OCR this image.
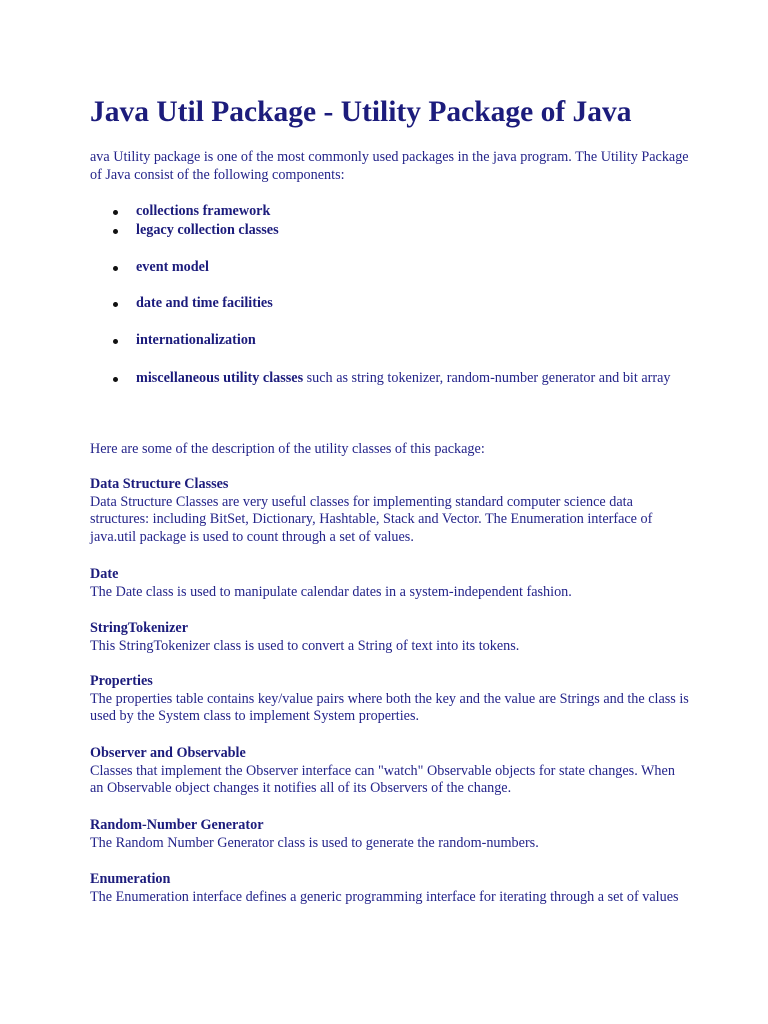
Java Util Package - Utility Package of Java

ava Utility package is one of the most commonly used packages in the java program. The Utility Package of Java consist of the following components:

collections framework
legacy collection classes
event model
date and time facilities
internationalization
miscellaneous utility classes such as string tokenizer, random-number generator and bit array

Here are some of the description of the utility classes of this package:

Data Structure Classes
Data Structure Classes are very useful classes for implementing standard computer science data structures: including BitSet, Dictionary, Hashtable, Stack and Vector. The Enumeration interface of java.util package is used to count through a set of values.
Date
The Date class is used to manipulate calendar dates in a system-independent fashion.
StringTokenizer
This StringTokenizer class is used to convert a String of text into its tokens.
Properties
The properties table contains key/value pairs where both the key and the value are Strings and the class is used by the System class to implement System properties.
Observer and Observable
Classes that implement the Observer interface can "watch" Observable objects for state changes. When an Observable object changes it notifies all of its Observers of the change.
Random-Number Generator
The Random Number Generator class is used to generate the random-numbers.
Enumeration
The Enumeration interface defines a generic programming interface for iterating through a set of values
